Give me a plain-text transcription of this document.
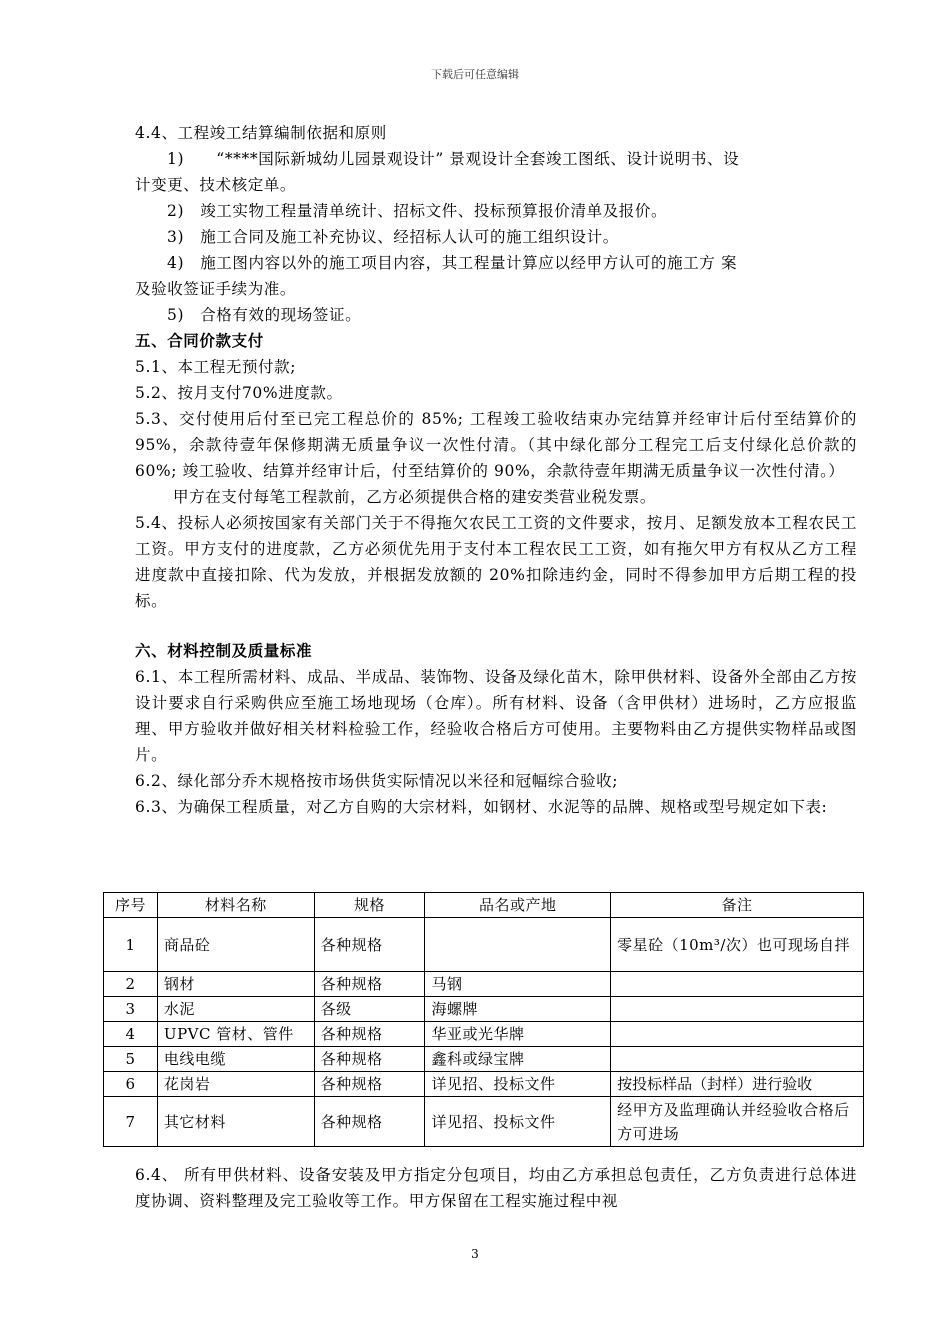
下载后可任意编辑

4.4、工程竣工结算编制依据和原则

1)　　“****国际新城幼儿园景观设计” 景观设计全套竣工图纸、设计说明书、设

计变更、技术核定单。

2)　竣工实物工程量清单统计、招标文件、投标预算报价清单及报价。

3)　施工合同及施工补充协议、经招标人认可的施工组织设计。

4)　施工图内容以外的施工项目内容，其工程量计算应以经甲方认可的施工方 案

及验收签证手续为准。

5)　合格有效的现场签证。

五、合同价款支付

5.1、本工程无预付款;

5.2、按月支付70%进度款。

5.3、交付使用后付至已完工程总价的 85%; 工程竣工验收结束办完结算并经审计后付至结算价的 95%，余款待壹年保修期满无质量争议一次性付清。（其中绿化部分工程完工后支付绿化总价款的 60%; 竣工验收、结算并经审计后，付至结算价的 90%，余款待壹年期满无质量争议一次性付清。）

甲方在支付每笔工程款前，乙方必须提供合格的建安类营业税发票。

5.4、投标人必须按国家有关部门关于不得拖欠农民工工资的文件要求，按月、足额发放本工程农民工工资。甲方支付的进度款，乙方必须优先用于支付本工程农民工工资，如有拖欠甲方有权从乙方工程进度款中直接扣除、代为发放，并根据发放额的 20%扣除违约金，同时不得参加甲方后期工程的投标。

六、材料控制及质量标准

6.1、本工程所需材料、成品、半成品、装饰物、设备及绿化苗木，除甲供材料、设备外全部由乙方按设计要求自行采购供应至施工场地现场（仓库）。所有材料、设备（含甲供材）进场时，乙方应报监理、甲方验收并做好相关材料检验工作，经验收合格后方可使用。主要物料由乙方提供实物样品或图片。

6.2、绿化部分乔木规格按市场供货实际情况以米径和冠幅综合验收;

6.3、为确保工程质量，对乙方自购的大宗材料，如钢材、水泥等的品牌、规格或型号规定如下表:

序号	材料名称	规格	品名或产地	备注
1	商品砼	各种规格		零星砼（10m³/次）也可现场自拌
2	钢材	各种规格	马钢	
3	水泥	各级	海螺牌	
4	UPVC 管材、管件	各种规格	华亚或光华牌	
5	电线电缆	各种规格	鑫科或绿宝牌	
6	花岗岩	各种规格	详见招、投标文件	按投标样品（封样）进行验收
7	其它材料	各种规格	详见招、投标文件	经甲方及监理确认并经验收合格后方可进场

6.4、 所有甲供材料、设备安装及甲方指定分包项目，均由乙方承担总包责任，乙方负责进行总体进度协调、资料整理及完工验收等工作。甲方保留在工程实施过程中视

3
